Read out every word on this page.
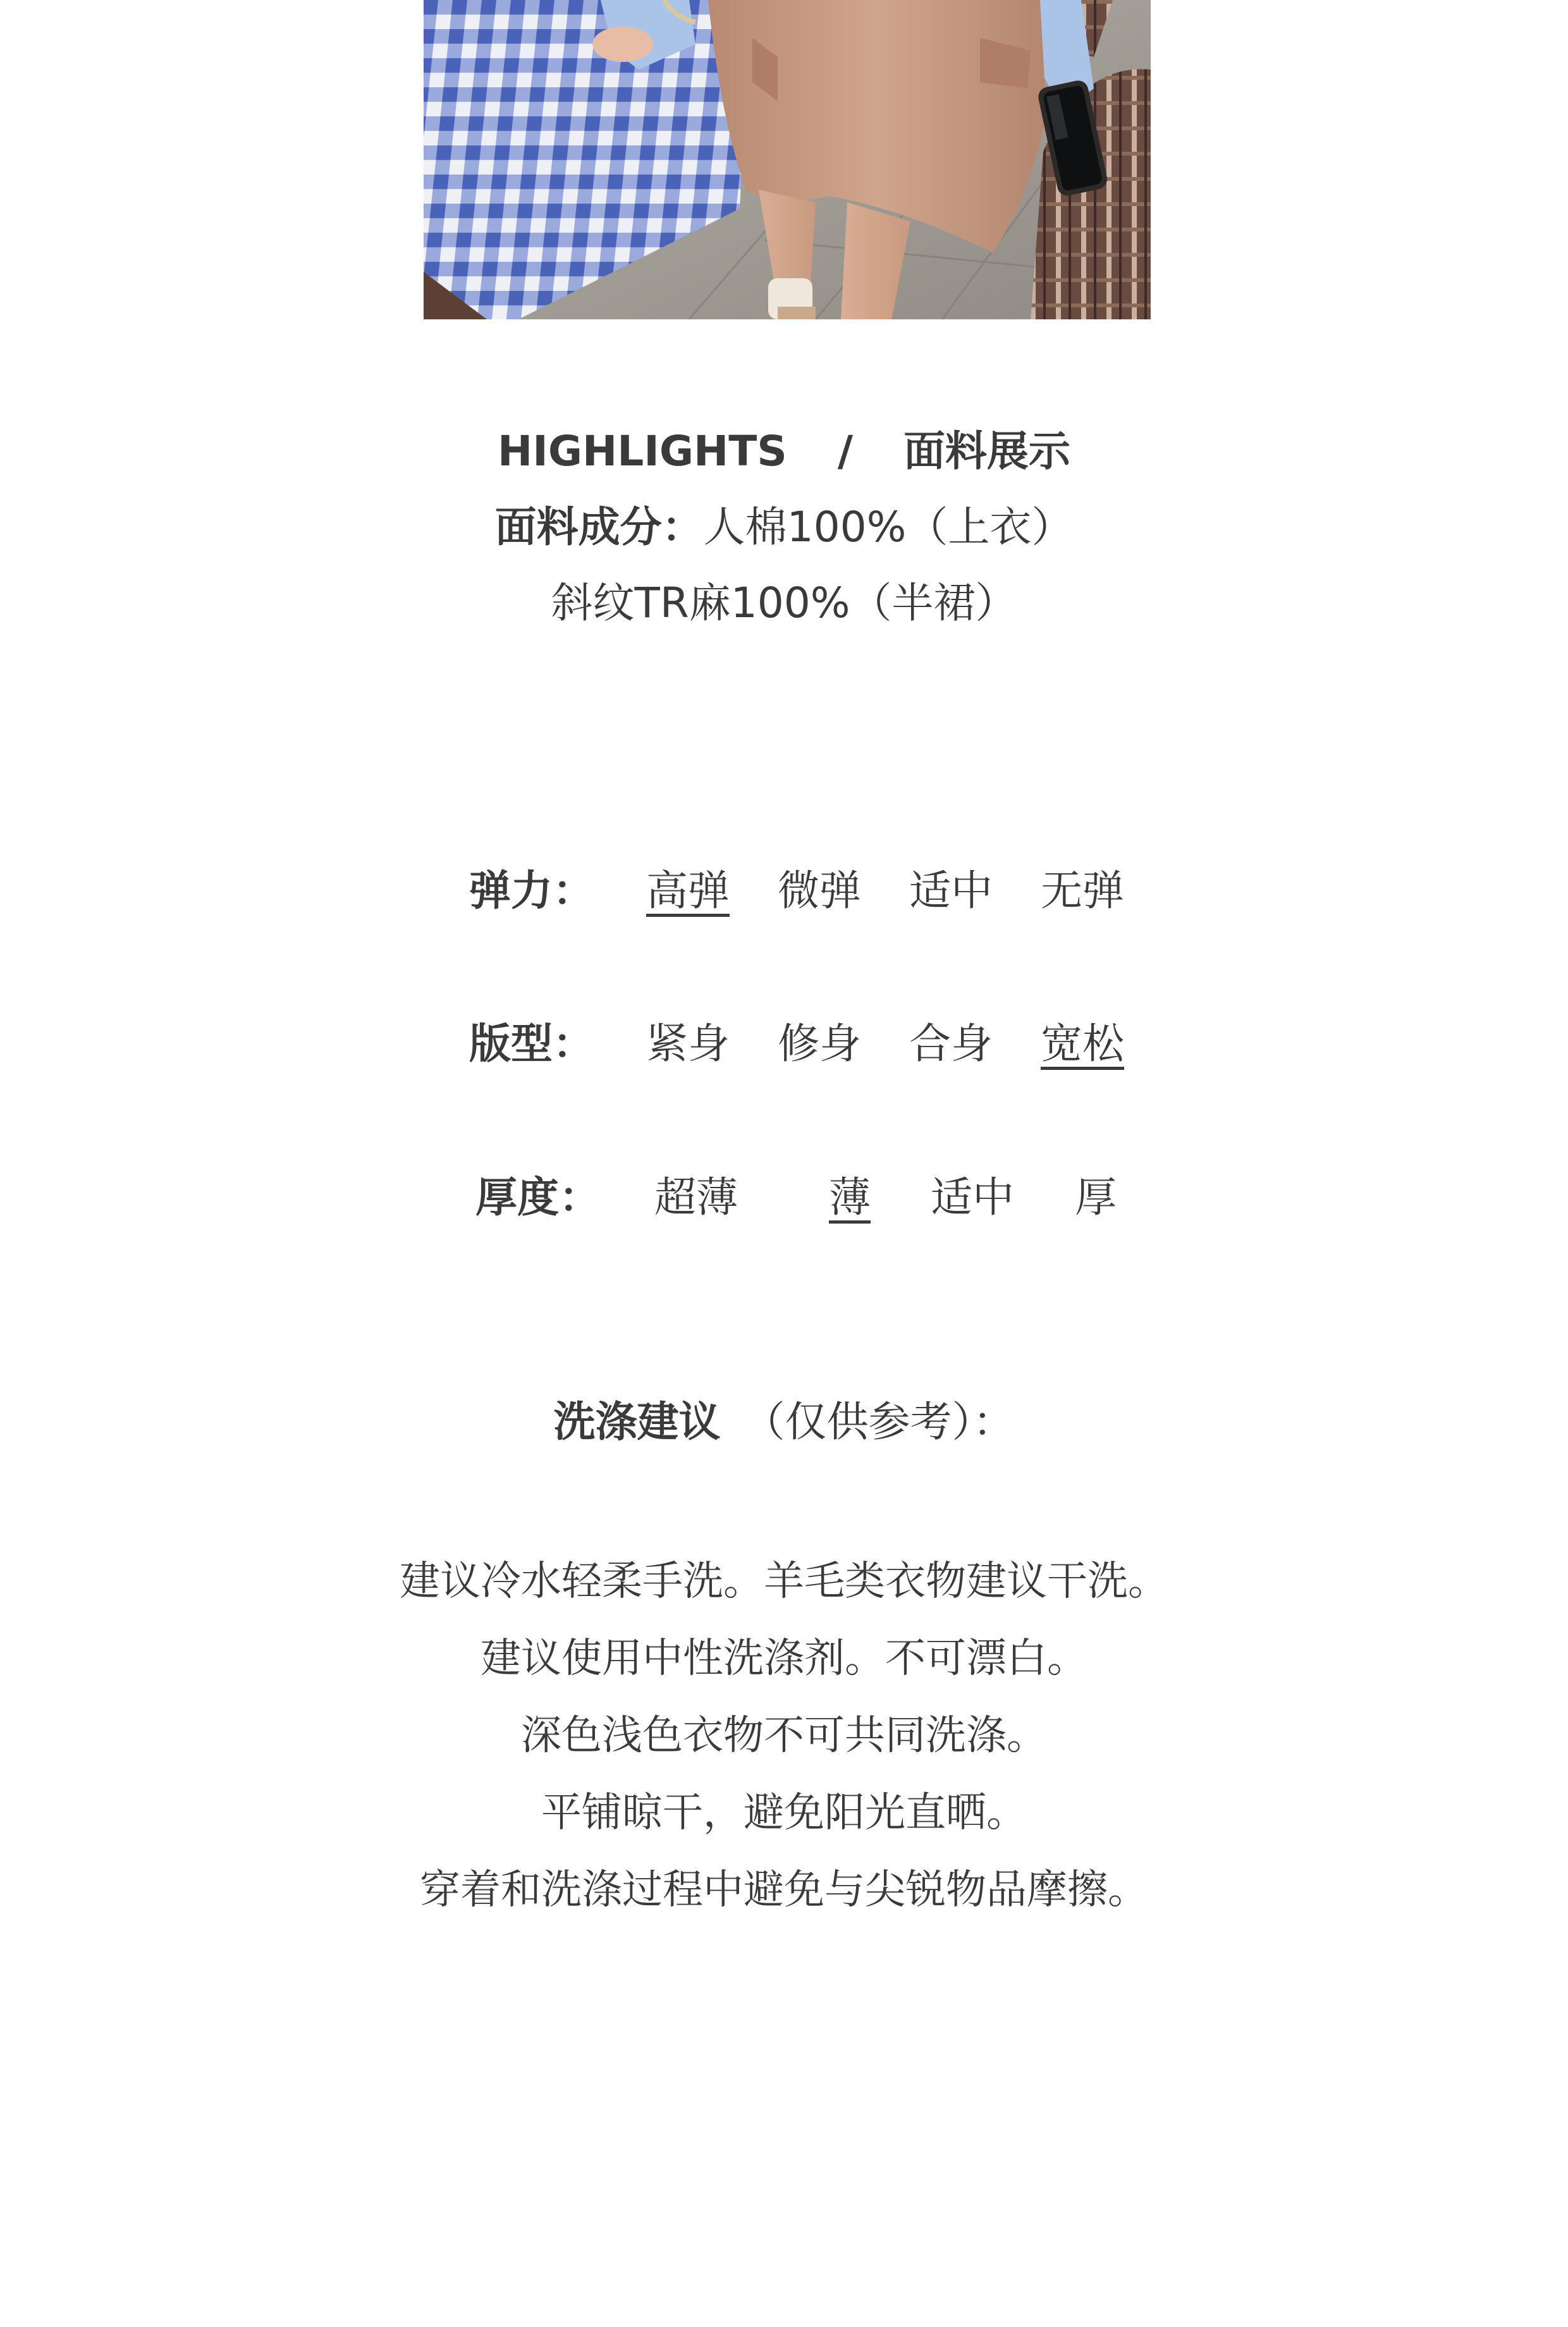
HIGHLIGHTS / 面料展示
面料成分：人棉100%（上衣）
斜纹TR麻100%（半裙）
弹力： 高弹 微弹 适中 无弹
版型： 紧身 修身 合身 宽松
厚度： 超薄 薄 适中 厚
洗涤建议 （仅供参考）：
建议冷水轻柔手洗。羊毛类衣物建议干洗。
建议使用中性洗涤剂。不可漂白。
深色浅色衣物不可共同洗涤。
平铺晾干，避免阳光直晒。
穿着和洗涤过程中避免与尖锐物品摩擦。
